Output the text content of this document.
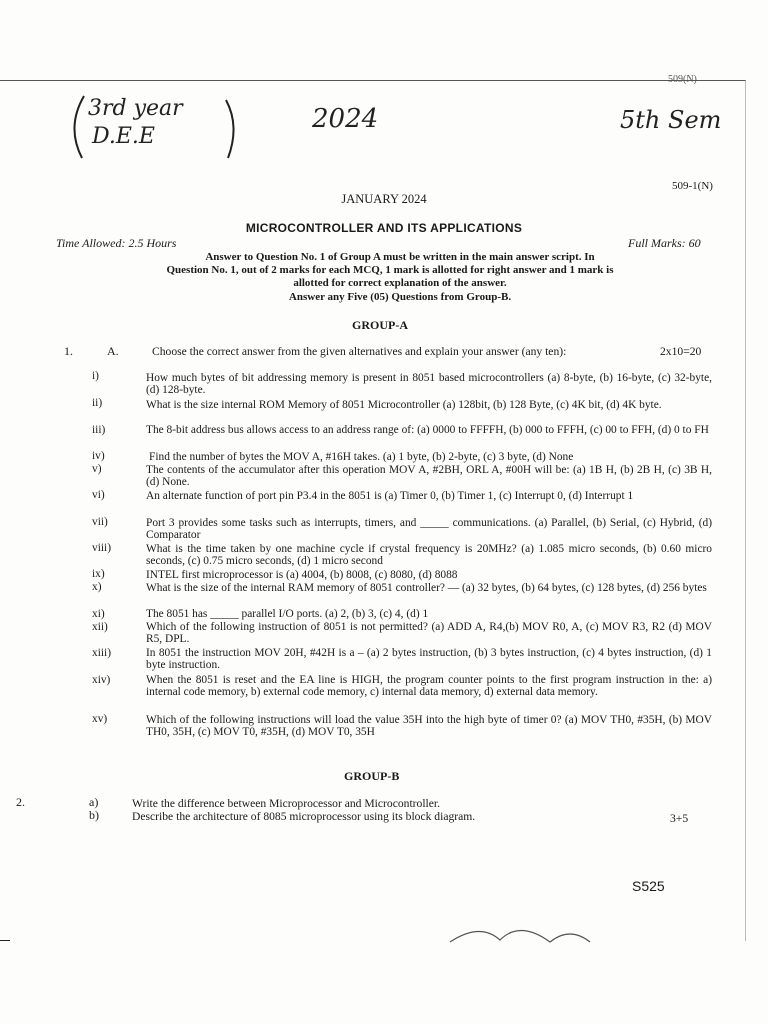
3rd year
D.E.E
2024	5th Sem
509(N)
JANUARY 2024
509-1(N)
MICROCONTROLLER AND ITS APPLICATIONS
Time Allowed: 2.5 Hours	Full Marks: 60
Answer to Question No. 1 of Group A must be written in the main answer script. In
Question No. 1, out of 2 marks for each MCQ, 1 mark is allotted for right answer and 1 mark is
allotted for correct explanation of the answer.
Answer any Five (05) Questions from Group-B.
GROUP-A
1.	A.	Choose the correct answer from the given alternatives and explain your answer (any ten):	2x10=20
i)	How much bytes of bit addressing memory is present in 8051 based microcontrollers (a) 8-byte, (b) 16-byte, (c) 32-byte, (d) 128-byte.
ii)	What is the size internal ROM Memory of 8051 Microcontroller (a) 128bit, (b) 128 Byte, (c) 4K bit, (d) 4K byte.
iii)	The 8-bit address bus allows access to an address range of: (a) 0000 to FFFFH, (b) 000 to FFFH, (c) 00 to FFH, (d) 0 to FH
iv)	Find the number of bytes the MOV A, #16H takes. (a) 1 byte, (b) 2-byte, (c) 3 byte, (d) None
v)	The contents of the accumulator after this operation MOV A, #2BH, ORL A, #00H will be: (a) 1B H, (b) 2B H, (c) 3B H, (d) None.
vi)	An alternate function of port pin P3.4 in the 8051 is (a) Timer 0, (b) Timer 1, (c) Interrupt 0, (d) Interrupt 1
vii)	Port 3 provides some tasks such as interrupts, timers, and _____ communications. (a) Parallel, (b) Serial, (c) Hybrid, (d) Comparator
viii)	What is the time taken by one machine cycle if crystal frequency is 20MHz? (a) 1.085 micro seconds, (b) 0.60 micro seconds, (c) 0.75 micro seconds, (d) 1 micro second
ix)	INTEL first microprocessor is (a) 4004, (b) 8008, (c) 8080, (d) 8088
x)	What is the size of the internal RAM memory of 8051 controller? — (a) 32 bytes, (b) 64 bytes, (c) 128 bytes, (d) 256 bytes
xi)	The 8051 has _____ parallel I/O ports. (a) 2, (b) 3, (c) 4, (d) 1
xii)	Which of the following instruction of 8051 is not permitted? (a) ADD A, R4,(b) MOV R0, A, (c) MOV R3, R2 (d) MOV R5, DPL.
xiii)	In 8051 the instruction MOV 20H, #42H is a – (a) 2 bytes instruction, (b) 3 bytes instruction, (c) 4 bytes instruction, (d) 1 byte instruction.
xiv)	When the 8051 is reset and the EA line is HIGH, the program counter points to the first program instruction in the: a) internal code memory, b) external code memory, c) internal data memory, d) external data memory.
xv)	Which of the following instructions will load the value 35H into the high byte of timer 0? (a) MOV TH0, #35H, (b) MOV TH0, 35H, (c) MOV T0, #35H, (d) MOV T0, 35H
GROUP-B
2.	a)	Write the difference between Microprocessor and Microcontroller.
b)	Describe the architecture of 8085 microprocessor using its block diagram.	3+5
S525
